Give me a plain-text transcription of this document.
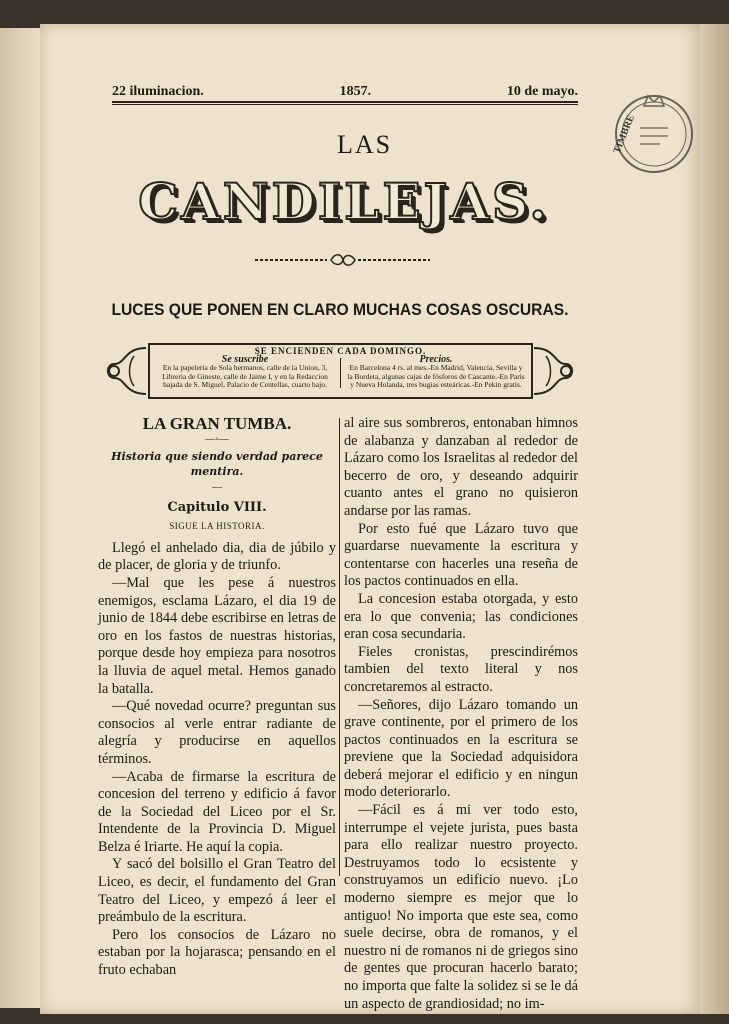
22 iluminacion.	1857.	10 de mayo.
LAS
CANDILEJAS.
LUCES QUE PONEN EN CLARO MUCHAS COSAS OSCURAS.
SE ENCIENDEN CADA DOMINGO.
Se suscribe
En la papeleria de Sola hermanos, calle de la Union, 3, Libreria de Gineste, calle de Jaime I, y en la Redaccion bajada de S. Miguel, Palacio de Centellas, cuarto bajo.
Precios.
En Barcelona 4 rs. al mes.-En Madrid, Valencia, Sevilla y la Bordeta, algunas cajas de fósforos de Cascante.-En Paris y Nueva Holanda, tres bugías esteáricas.-En Pekin gratis.
TIMBRE
LA GRAN TUMBA.
—◦—
Historia que siendo verdad parece mentira.
—
Capitulo VIII.
SIGUE LA HISTORIA.

Llegó el anhelado dia, dia de júbilo y de placer, de gloria y de triunfo.

—Mal que les pese á nuestros enemigos, esclama Lázaro, el dia 19 de junio de 1844 debe escribirse en letras de oro en los fastos de nuestras historias, porque desde hoy empieza para nosotros la lluvia de aquel metal. Hemos ganado la batalla.

—Qué novedad ocurre? preguntan sus consocios al verle entrar radiante de alegría y producirse en aquellos términos.

—Acaba de firmarse la escritura de concesion del terreno y edificio á favor de la Sociedad del Liceo por el Sr. Intendente de la Provincia D. Miguel Belza é Iriarte. He aquí la copia.

Y sacó del bolsillo el Gran Teatro del Liceo, es decir, el fundamento del Gran Teatro del Liceo, y empezó á leer el preámbulo de la escritura.

Pero los consocios de Lázaro no estaban por la hojarasca; pensando en el fruto echaban

al aire sus sombreros, entonaban himnos de alabanza y danzaban al rededor de Lázaro como los Israelitas al rededor del becerro de oro, y deseando adquirir cuanto antes el grano no quisieron andarse por las ramas.

Por esto fué que Lázaro tuvo que guardarse nuevamente la escritura y contentarse con hacerles una reseña de los pactos continuados en ella.

La concesion estaba otorgada, y esto era lo que convenia; las condiciones eran cosa secundaria.

Fieles cronistas, prescindirémos tambien del texto literal y nos concretaremos al estracto.

—Señores, dijo Lázaro tomando un grave continente, por el primero de los pactos continuados en la escritura se previene que la Sociedad adquisidora deberá mejorar el edificio y en ningun modo deteriorarlo.

—Fácil es á mi ver todo esto, interrumpe el vejete jurista, pues basta para ello realizar nuestro proyecto. Destruyamos todo lo ecsistente y construyamos un edificio nuevo. ¡Lo moderno siempre es mejor que lo antiguo! No importa que este sea, como suele decirse, obra de romanos, y el nuestro ni de romanos ni de griegos sino de gentes que procuran hacerlo barato; no importa que falte la solidez si se le dá un aspecto de grandiosidad; no im-
